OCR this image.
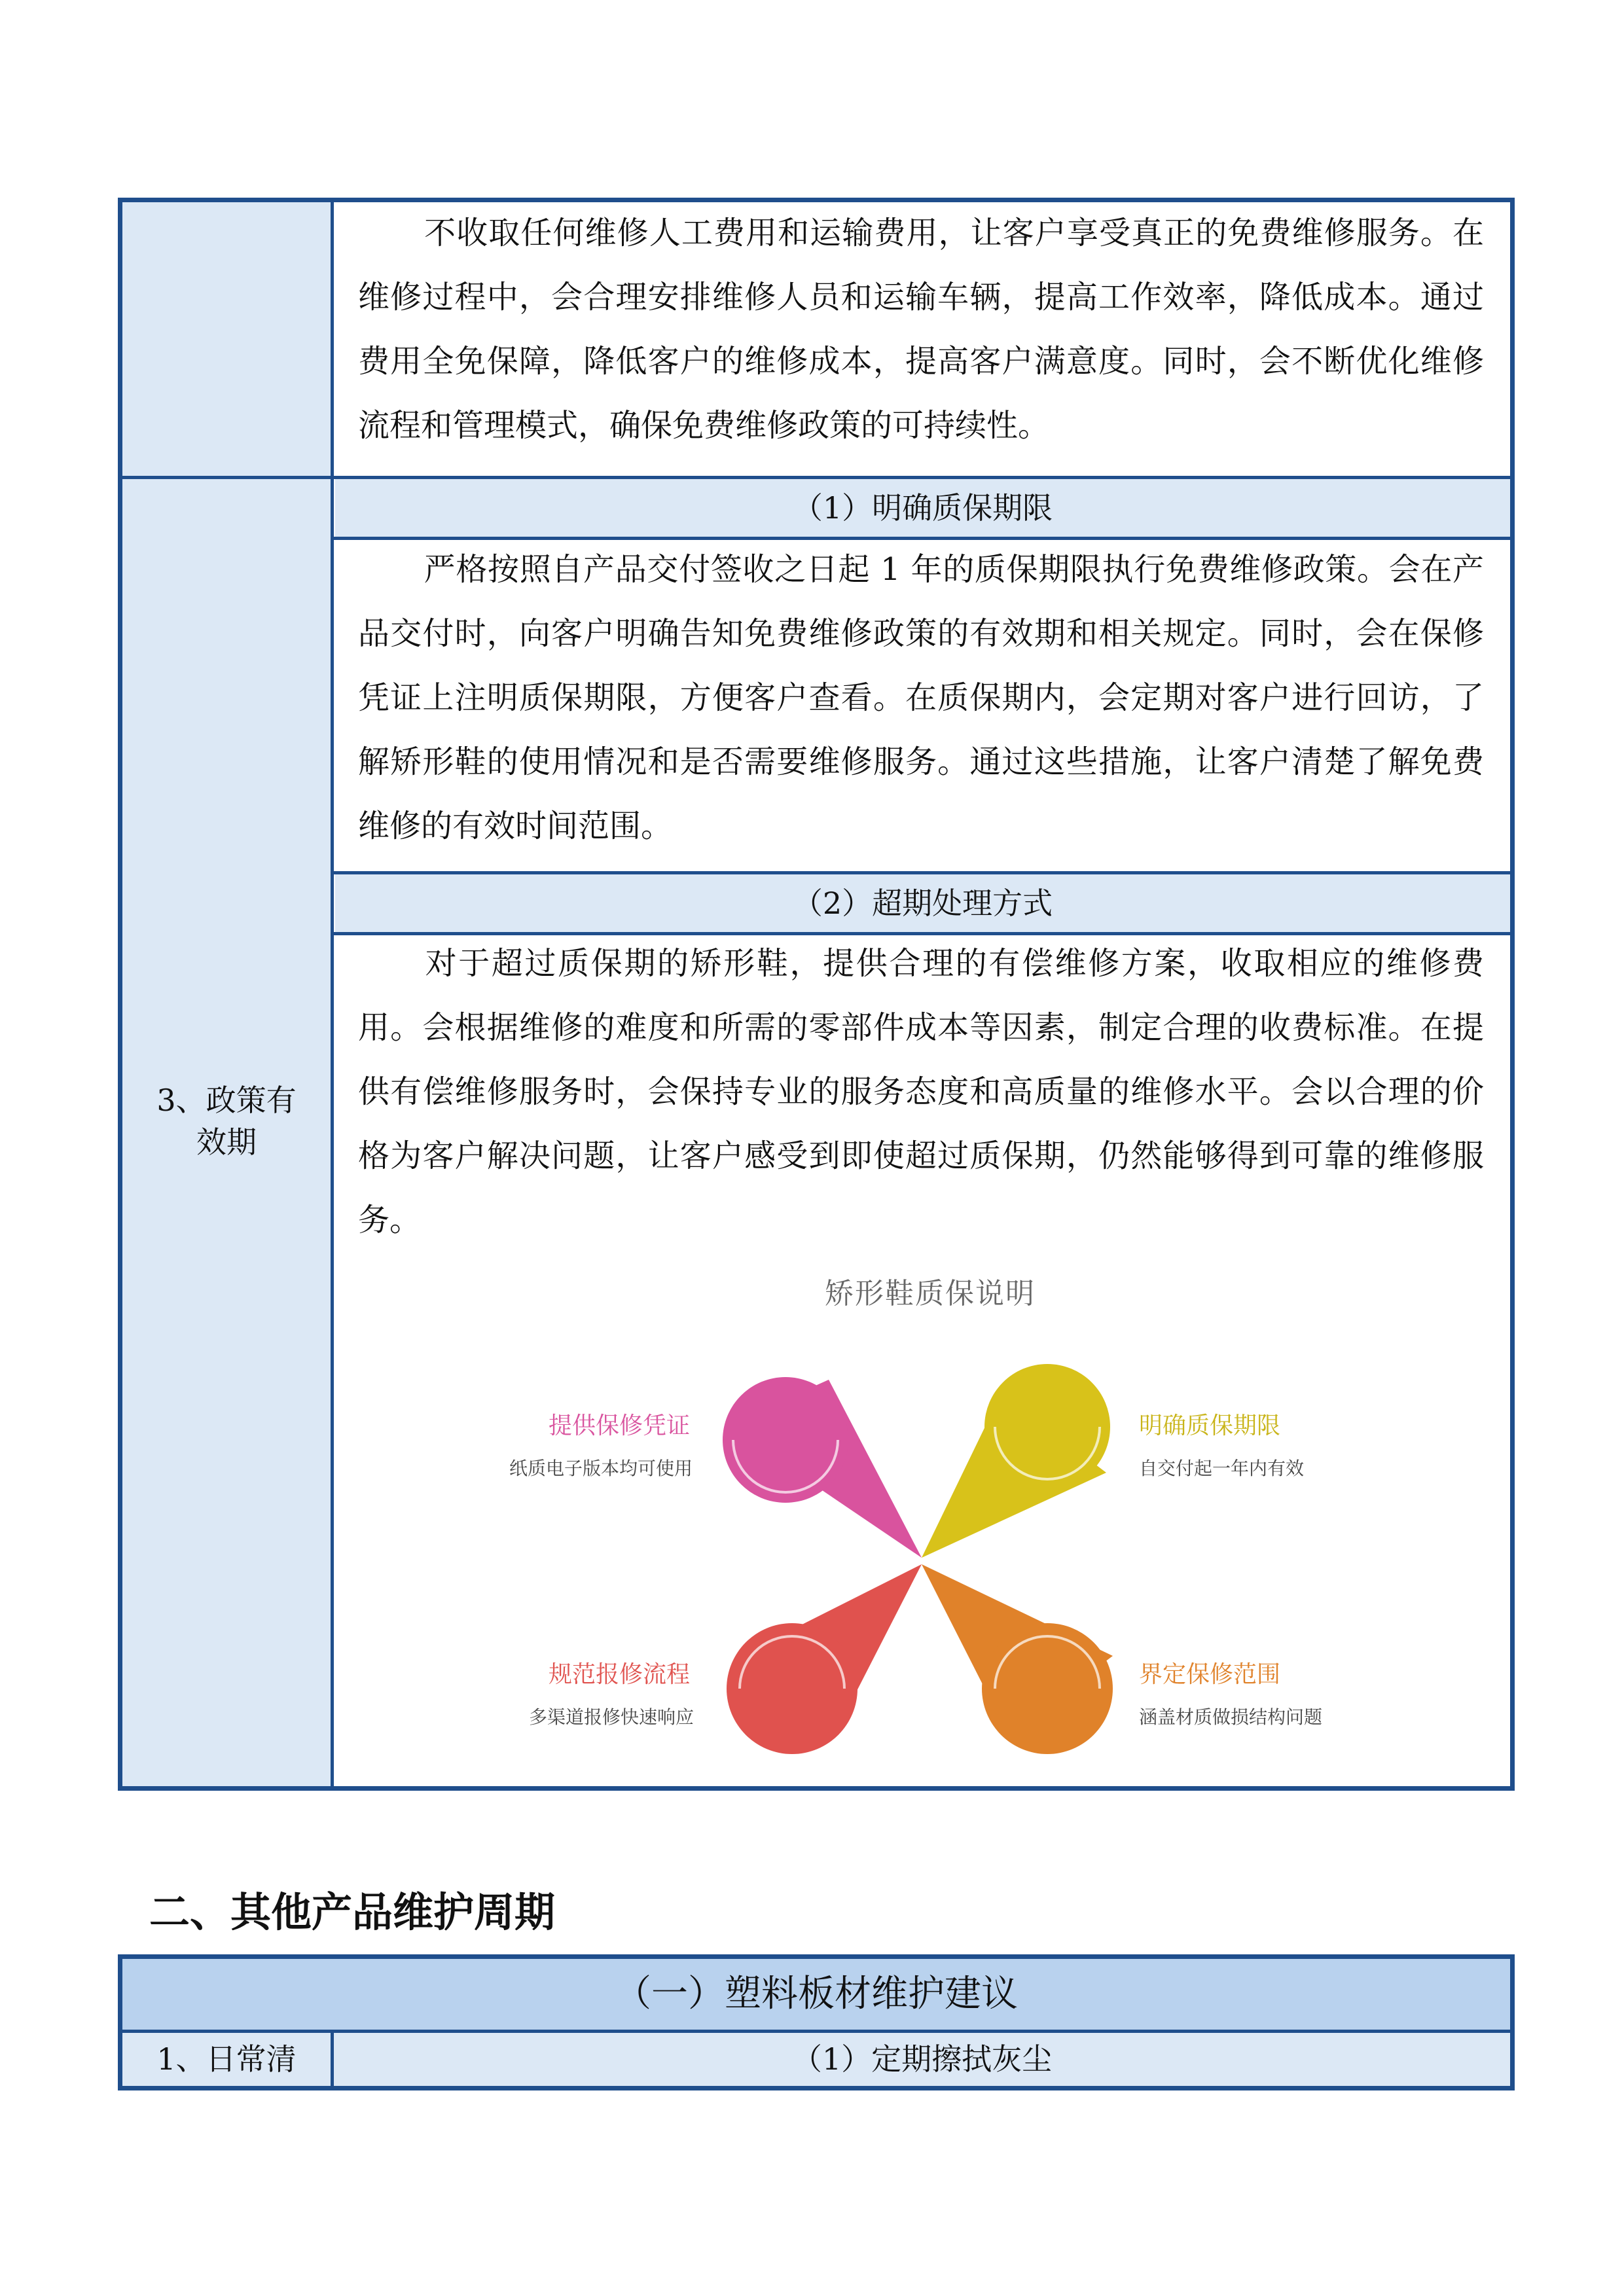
（1）明确质保期限
（2）超期处理方式
3、政策有
效期

不收取任何维修人工费用和运输费用，让客户享受真正的免费维修服务。在维修过程中，会合理安排维修人员和运输车辆，提高工作效率，降低成本。通过费用全免保障，降低客户的维修成本，提高客户满意度。同时，会不断优化维修流程和管理模式，确保免费维修政策的可持续性。

严格按照自产品交付签收之日起 1 年的质保期限执行免费维修政策。会在产品交付时，向客户明确告知免费维修政策的有效期和相关规定。同时，会在保修凭证上注明质保期限，方便客户查看。在质保期内，会定期对客户进行回访，了解矫形鞋的使用情况和是否需要维修服务。通过这些措施，让客户清楚了解免费维修的有效时间范围。

对于超过质保期的矫形鞋，提供合理的有偿维修方案，收取相应的维修费用。会根据维修的难度和所需的零部件成本等因素，制定合理的收费标准。在提供有偿维修服务时，会保持专业的服务态度和高质量的维修水平。会以合理的价格为客户解决问题，让客户感受到即使超过质保期，仍然能够得到可靠的维修服务。

矫形鞋质保说明
提供保修凭证
纸质电子版本均可使用
明确质保期限
自交付起一年内有效
规范报修流程
多渠道报修快速响应
界定保修范围
涵盖材质做损结构问题
二、其他产品维护周期
（一）塑料板材维护建议
1、日常清	（1）定期擦拭灰尘
